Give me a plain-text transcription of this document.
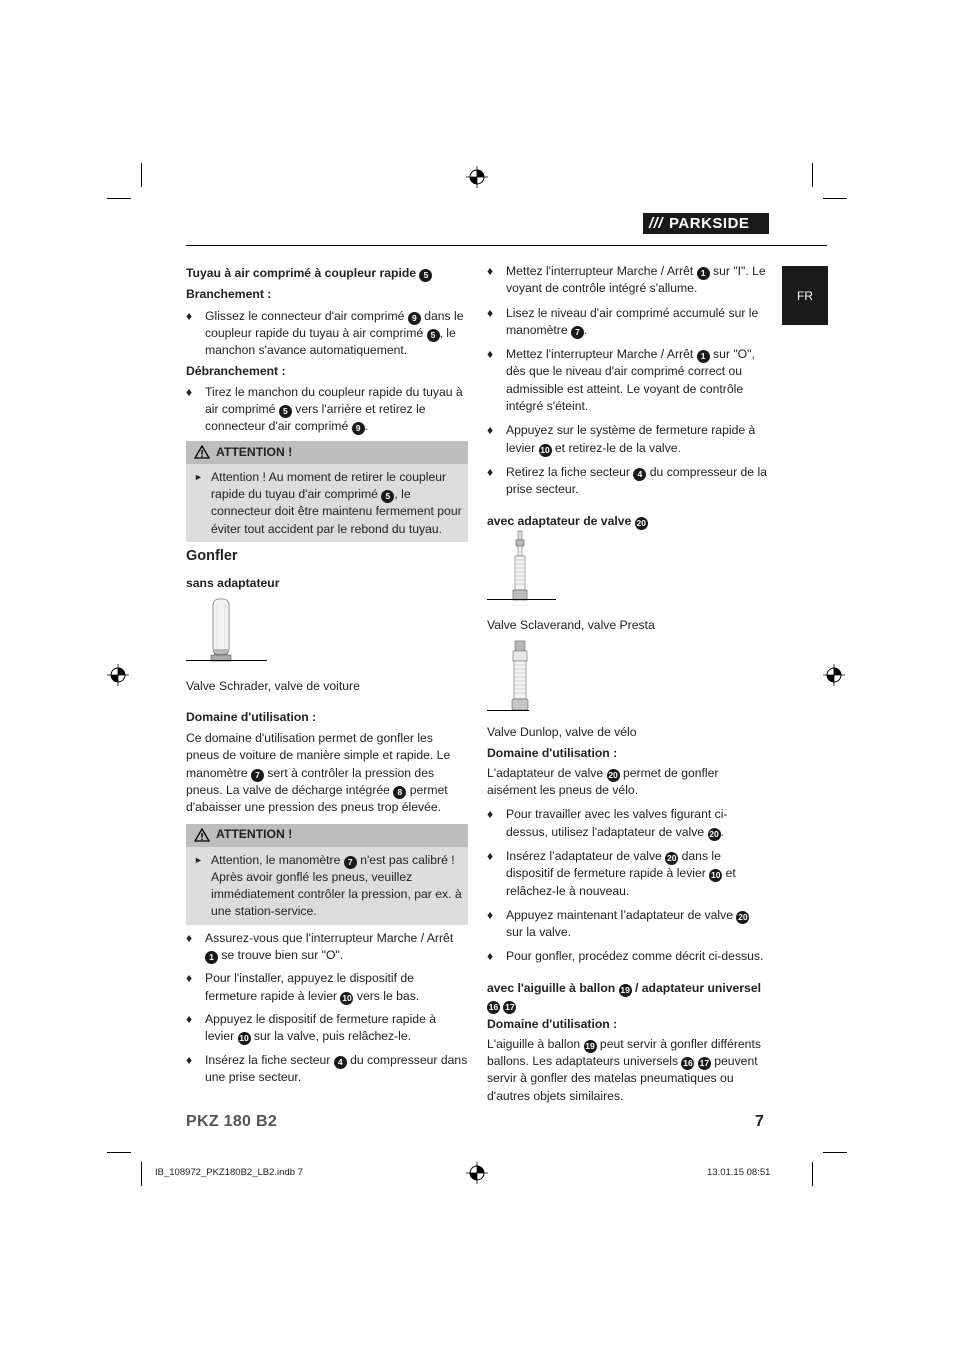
/// PARKSIDE
FR

Tuyau à air comprimé à coupleur rapide 5

Branchement :

♦ Glissez le connecteur d'air comprimé 9 dans le coupleur rapide du tuyau à air comprimé 5 , le manchon s'avance automatiquement.

Débranchement :

♦ Tirez le manchon du coupleur rapide du tuyau à air comprimé 5 vers l'arrière et retirez le connecteur d'air comprimé 9 .

ATTENTION !
► Attention ! Au moment de retirer le coupleur rapide du tuyau d'air comprimé 5 , le connecteur doit être maintenu fermement pour éviter tout accident par le rebond du tuyau.

Gonfler

sans adaptateur

Valve Schrader, valve de voiture

Domaine d'utilisation :

Ce domaine d'utilisation permet de gonfler les pneus de voiture de manière simple et rapide. Le manomètre 7 sert à contrôler la pression des pneus. La valve de décharge intégrée 8 permet d'abaisser une pression des pneus trop élevée.

ATTENTION !
► Attention, le manomètre 7 n'est pas calibré ! Après avoir gonflé les pneus, veuillez immédiatement contrôler la pression, par ex. à une station-service.

♦ Assurez-vous que l'interrupteur Marche / Arrêt 1 se trouve bien sur "O".

♦ Pour l'installer, appuyez le dispositif de fermeture rapide à levier 10 vers le bas.

♦ Appuyez le dispositif de fermeture rapide à levier 10 sur la valve, puis relâchez-le.

♦ Insérez la fiche secteur 4 du compresseur dans une prise secteur.

♦ Mettez l'interrupteur Marche / Arrêt 1 sur "I". Le voyant de contrôle intégré s'allume.

♦ Lisez le niveau d'air comprimé accumulé sur le manomètre 7 .

♦ Mettez l'interrupteur Marche / Arrêt 1 sur "O", dès que le niveau d'air comprimé correct ou admissible est atteint. Le voyant de contrôle intégré s'éteint.

♦ Appuyez sur le système de fermeture rapide à levier 10 et retirez-le de la valve.

♦ Retirez la fiche secteur 4 du compresseur de la prise secteur.

avec adaptateur de valve 20

Valve Sclaverand, valve Presta

Valve Dunlop, valve de vélo

Domaine d'utilisation :

L'adaptateur de valve 20 permet de gonfler aisément les pneus de vélo.

♦ Pour travailler avec les valves figurant ci-dessus, utilisez l'adaptateur de valve 20 .

♦ Insérez l’adaptateur de valve 20 dans le dispositif de fermeture rapide à levier 10 et relâchez-le à nouveau.

♦ Appuyez maintenant l’adaptateur de valve 20 sur la valve.

♦ Pour gonfler, procédez comme décrit ci-dessus.

avec l'aiguille à ballon 19 / adaptateur universel 16 17

Domaine d'utilisation :

L'aiguille à ballon 19 peut servir à gonfler différents ballons. Les adaptateurs universels 16 17 peuvent servir à gonfler des matelas pneumatiques ou d'autres objets similaires.

PKZ 180 B2	7
IB_108972_PKZ180B2_LB2.indb 7	13.01.15 08:51
